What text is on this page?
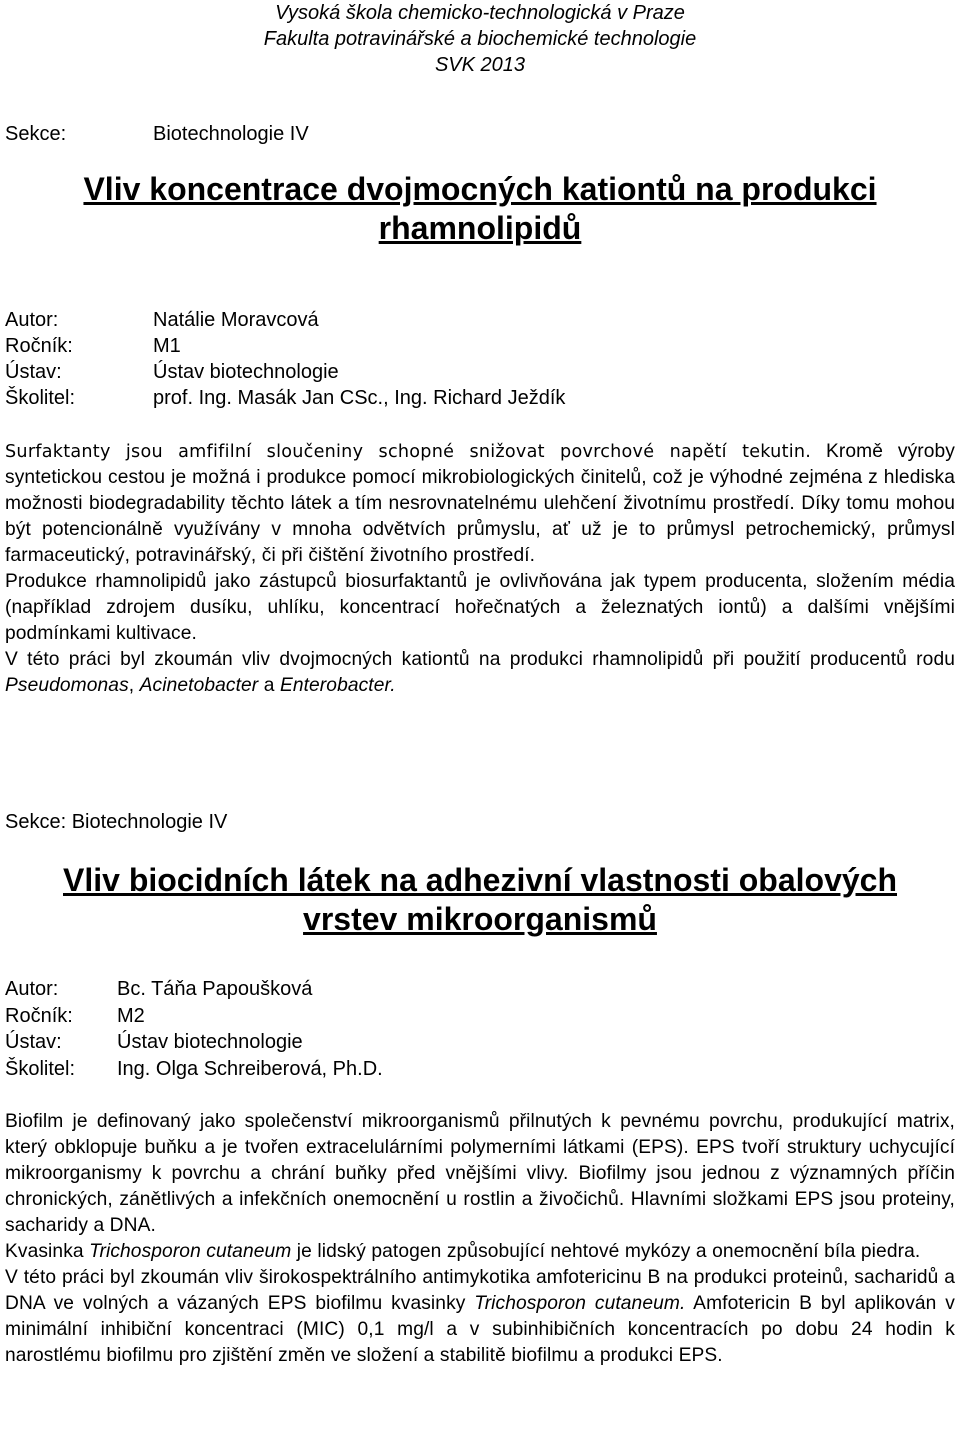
Vysoká škola chemicko-technologická v Praze
Fakulta potravinářské a biochemické technologie
SVK 2013
Sekce:	Biotechnologie IV
Vliv koncentrace dvojmocných kationtů na produkci
rhamnolipidů
Autor:	Natálie Moravcová
Ročník:	M1
Ústav:	Ústav biotechnologie
Školitel:	prof. Ing. Masák Jan CSc., Ing. Richard Ježdík

Surfaktanty jsou amfifilní sloučeniny schopné snižovat povrchové napětí tekutin. Kromě výroby syntetickou cestou je možná i produkce pomocí mikrobiologických činitelů, což je výhodné zejména z hlediska možnosti biodegradability těchto látek a tím nesrovnatelnému ulehčení životnímu prostředí. Díky tomu mohou být potencionálně využívány v mnoha odvětvích průmyslu, ať už je to průmysl petrochemický, průmysl farmaceutický, potravinářský, či při čištění životního prostředí.

Produkce rhamnolipidů jako zástupců biosurfaktantů je ovlivňována jak typem producenta, složením média (například zdrojem dusíku, uhlíku, koncentrací hořečnatých a železnatých iontů) a dalšími vnějšími podmínkami kultivace.

V této práci byl zkoumán vliv dvojmocných kationtů na produkci rhamnolipidů při použití producentů rodu Pseudomonas, Acinetobacter a Enterobacter.

Sekce: Biotechnologie IV
Vliv biocidních látek na adhezivní vlastnosti obalových
vrstev mikroorganismů
Autor:	Bc. Táňa Papoušková
Ročník: M2
Ústav:	Ústav biotechnologie
Školitel: Ing. Olga Schreiberová, Ph.D.

Biofilm je definovaný jako společenství mikroorganismů přilnutých k pevnému povrchu, produkující matrix, který obklopuje buňku a je tvořen extracelulárními polymerními látkami (EPS). EPS tvoří struktury uchycující mikroorganismy k povrchu a chrání buňky před vnějšími vlivy. Biofilmy jsou jednou z významných příčin chronických, zánětlivých a infekčních onemocnění u rostlin a živočichů. Hlavními složkami EPS jsou proteiny, sacharidy a DNA.

Kvasinka Trichosporon cutaneum je lidský patogen způsobující nehtové mykózy a onemocnění bíla piedra.

V této práci byl zkoumán vliv širokospektrálního antimykotika amfotericinu B na produkci proteinů, sacharidů a DNA ve volných a vázaných EPS biofilmu kvasinky Trichosporon cutaneum. Amfotericin B byl aplikován v minimální inhibiční koncentraci (MIC) 0,1 mg/l a v subinhibičních koncentracích po dobu 24 hodin k narostlému biofilmu pro zjištění změn ve složení a stabilitě biofilmu a produkci EPS.
